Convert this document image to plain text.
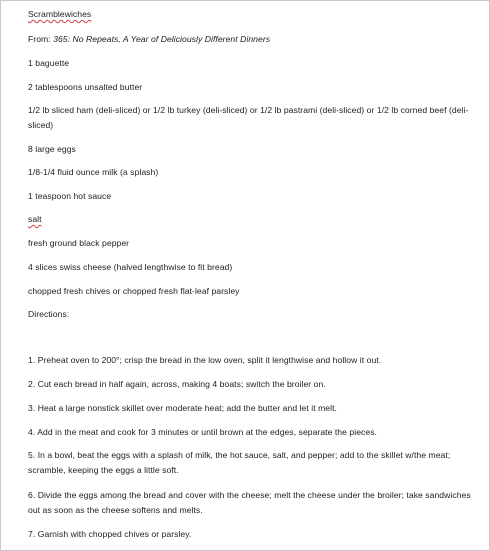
Scramblewiches
From: 365: No Repeats, A Year of Deliciously Different Dinners
1 baguette
2 tablespoons unsalted butter
1/2 lb sliced ham (deli-sliced) or 1/2 lb turkey (deli-sliced) or 1/2 lb pastrami (deli-sliced) or 1/2 lb corned beef (deli-sliced)
8 large eggs
1/8-1/4 fluid ounce milk (a splash)
1 teaspoon hot sauce
salt
fresh ground black pepper
4 slices swiss cheese (halved lengthwise to fit bread)
chopped fresh chives or chopped fresh flat-leaf parsley
Directions:
1. Preheat oven to 200°; crisp the bread in the low oven, split it lengthwise and hollow it out.
2. Cut each bread in half again, across, making 4 boats; switch the broiler on.
3. Heat a large nonstick skillet over moderate heat; add the butter and let it melt.
4. Add in the meat and cook for 3 minutes or until brown at the edges, separate the pieces.
5. In a bowl, beat the eggs with a splash of milk, the hot sauce, salt, and pepper; add to the skillet w/the meat; scramble, keeping the eggs a little soft.
6. Divide the eggs among the bread and cover with the cheese; melt the cheese under the broiler; take sandwiches out as soon as the cheese softens and melts.
7. Garnish with chopped chives or parsley.
